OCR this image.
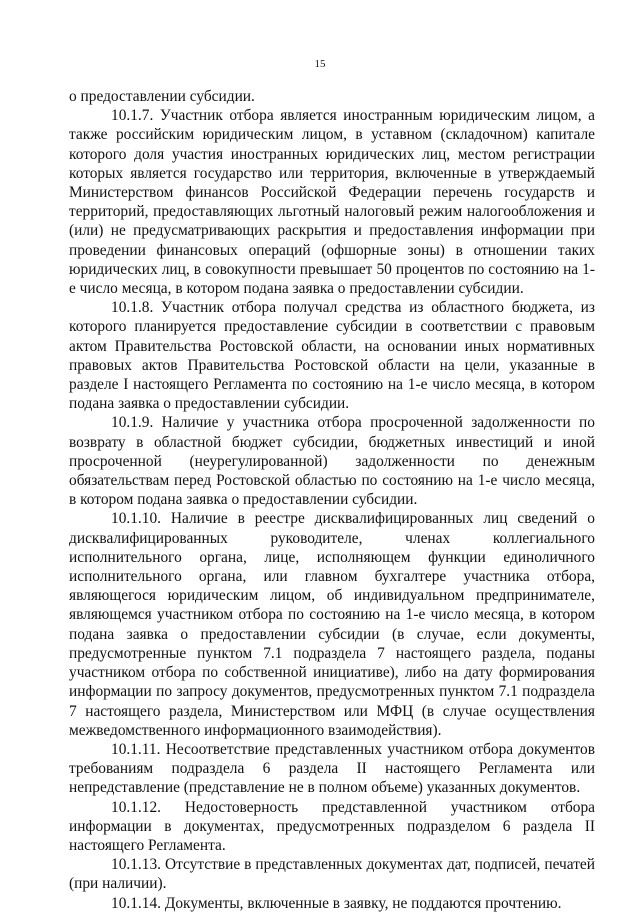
15

о предоставлении субсидии.

10.1.7. Участник отбора является иностранным юридическим лицом, а также российским юридическим лицом, в уставном (складочном) капитале которого доля участия иностранных юридических лиц, местом регистрации которых является государство или территория, включенные в утверждаемый Министерством финансов Российской Федерации перечень государств и территорий, предоставляющих льготный налоговый режим налогообложения и (или) не предусматривающих раскрытия и предоставления информации при проведении финансовых операций (офшорные зоны) в отношении таких юридических лиц, в совокупности превышает 50 процентов по состоянию на 1-е число месяца, в котором подана заявка о предоставлении субсидии.

10.1.8. Участник отбора получал средства из областного бюджета, из которого планируется предоставление субсидии в соответствии с правовым актом Правительства Ростовской области, на основании иных нормативных правовых актов Правительства Ростовской области на цели, указанные в разделе I настоящего Регламента по состоянию на 1-е число месяца, в котором подана заявка о предоставлении субсидии.

10.1.9. Наличие у участника отбора просроченной задолженности по возврату в областной бюджет субсидии, бюджетных инвестиций и иной просроченной (неурегулированной) задолженности по денежным обязательствам перед Ростовской областью по состоянию на 1-е число месяца, в котором подана заявка о предоставлении субсидии.

10.1.10. Наличие в реестре дисквалифицированных лиц сведений о дисквалифицированных руководителе, членах коллегиального исполнительного органа, лице, исполняющем функции единоличного исполнительного органа, или главном бухгалтере участника отбора, являющегося юридическим лицом, об индивидуальном предпринимателе, являющемся участником отбора по состоянию на 1-е число месяца, в котором подана заявка о предоставлении субсидии (в случае, если документы, предусмотренные пунктом 7.1 подраздела 7 настоящего раздела, поданы участником отбора по собственной инициативе), либо на дату формирования информации по запросу документов, предусмотренных пунктом 7.1 подраздела 7 настоящего раздела, Министерством или МФЦ (в случае осуществления межведомственного информационного взаимодействия).

10.1.11. Несоответствие представленных участником отбора документов требованиям подраздела 6 раздела II настоящего Регламента или непредставление (представление не в полном объеме) указанных документов.

10.1.12. Недостоверность представленной участником отбора информации в документах, предусмотренных подразделом 6 раздела II настоящего Регламента.

10.1.13. Отсутствие в представленных документах дат, подписей, печатей (при наличии).

10.1.14. Документы, включенные в заявку, не поддаются прочтению.
